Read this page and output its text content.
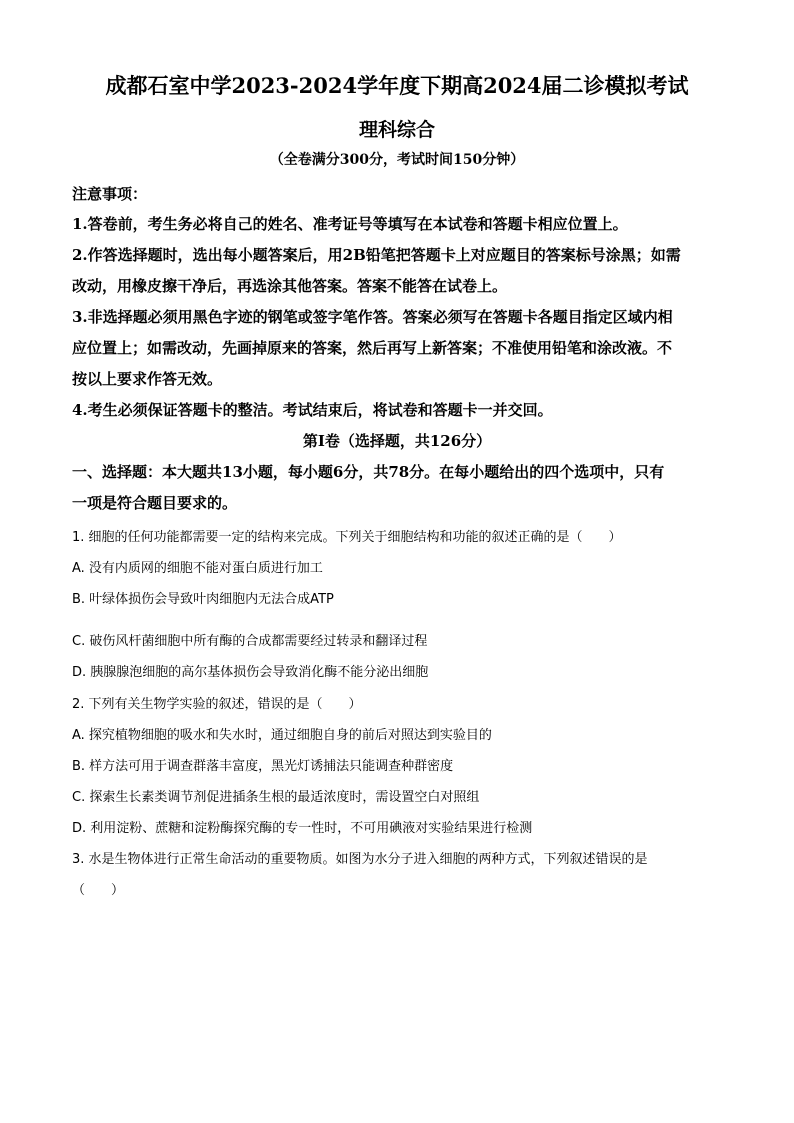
成都石室中学2023-2024学年度下期高2024届二诊模拟考试
理科综合
（全卷满分300分，考试时间150分钟）
注意事项：
1.答卷前，考生务必将自己的姓名、准考证号等填写在本试卷和答题卡相应位置上。
2.作答选择题时，选出每小题答案后，用2B铅笔把答题卡上对应题目的答案标号涂黑；如需
改动，用橡皮擦干净后，再选涂其他答案。答案不能答在试卷上。
3.非选择题必须用黑色字迹的钢笔或签字笔作答。答案必须写在答题卡各题目指定区域内相
应位置上；如需改动，先画掉原来的答案，然后再写上新答案；不准使用铅笔和涂改液。不
按以上要求作答无效。
4.考生必须保证答题卡的整洁。考试结束后，将试卷和答题卡一并交回。
第I卷（选择题，共126分）
一、选择题：本大题共13小题，每小题6分，共78分。在每小题给出的四个选项中，只有
一项是符合题目要求的。
1. 细胞的任何功能都需要一定的结构来完成。下列关于细胞结构和功能的叙述正确的是（　　）
A. 没有内质网的细胞不能对蛋白质进行加工
B. 叶绿体损伤会导致叶肉细胞内无法合成ATP
C. 破伤风杆菌细胞中所有酶的合成都需要经过转录和翻译过程
D. 胰腺腺泡细胞的高尔基体损伤会导致消化酶不能分泌出细胞
2. 下列有关生物学实验的叙述，错误的是（　　）
A. 探究植物细胞的吸水和失水时，通过细胞自身的前后对照达到实验目的
B. 样方法可用于调查群落丰富度，黑光灯诱捕法只能调查种群密度
C. 探索生长素类调节剂促进插条生根的最适浓度时，需设置空白对照组
D. 利用淀粉、蔗糖和淀粉酶探究酶的专一性时，不可用碘液对实验结果进行检测
3. 水是生物体进行正常生命活动的重要物质。如图为水分子进入细胞的两种方式，下列叙述错误的是
（　　）
